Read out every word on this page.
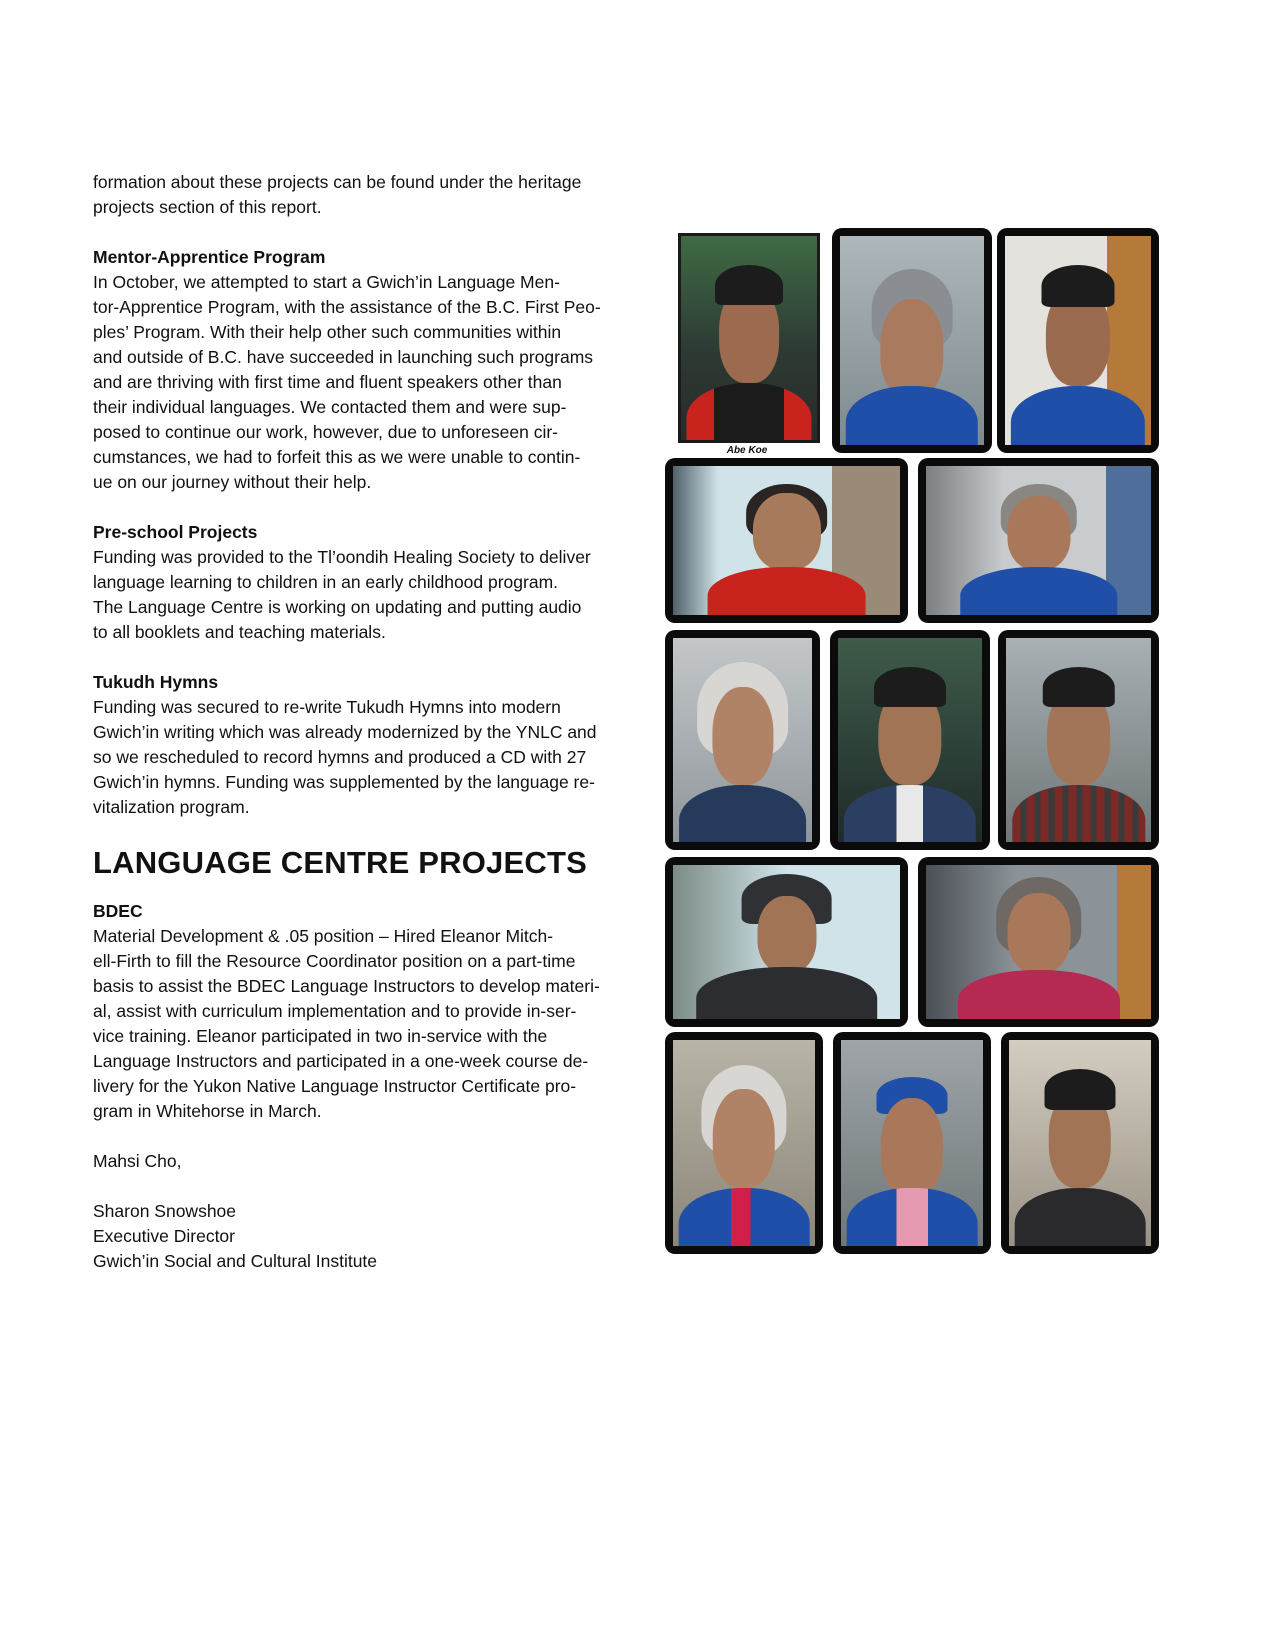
formation about these projects can be found under the heritage
projects section of this report.

Mentor-Apprentice Program

In October, we attempted to start a Gwich’in Language Men-
tor-Apprentice Program, with the assistance of the B.C. First Peo-
ples’ Program. With their help other such communities within
and outside of B.C. have succeeded in launching such programs
and are thriving with first time and fluent speakers other than
their individual languages. We contacted them and were sup-
posed to continue our work, however, due to unforeseen cir-
cumstances, we had to forfeit this as we were unable to contin-
ue on our journey without their help.

Pre-school Projects

Funding was provided to the Tl’oondih Healing Society to deliver
language learning to children in an early childhood program.
The Language Centre is working on updating and putting audio
to all booklets and teaching materials.

Tukudh Hymns

Funding was secured to re-write Tukudh Hymns into modern
Gwich’in writing which was already modernized by the YNLC and
so we rescheduled to record hymns and produced a CD with 27
Gwich’in hymns. Funding was supplemented by the language re-
vitalization program.

LANGUAGE CENTRE PROJECTS

BDEC

Material Development & .05 position – Hired Eleanor Mitch-
ell-Firth to fill the Resource Coordinator position on a part-time
basis to assist the BDEC Language Instructors to develop materi-
al, assist with curriculum implementation and to provide in-ser-
vice training. Eleanor participated in two in-service with the
Language Instructors and participated in a one-week course de-
livery for the Yukon Native Language Instructor Certificate pro-
gram in Whitehorse in March.

Mahsi Cho,

Sharon Snowshoe

Executive Director

Gwich’in Social and Cultural Institute

Abe Koe
